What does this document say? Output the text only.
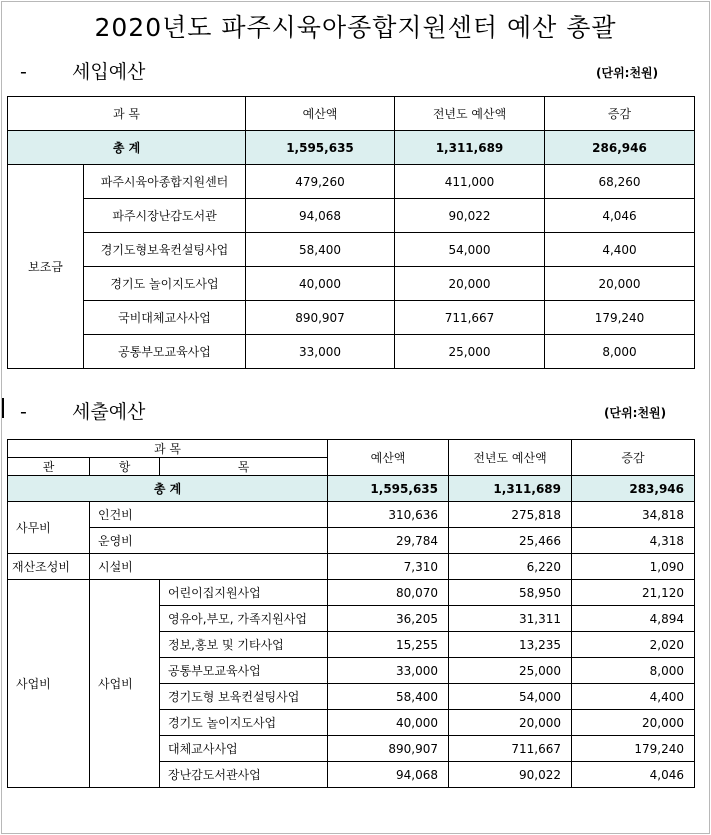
2020년도 파주시육아종합지원센터 예산 총괄
- 세입예산	(단위:천원)
과 목		예산액	전년도 예산액	증감
총 계		1,595,635	1,311,689	286,946
보조금	파주시육아종합지원센터	479,260	411,000	68,260
	파주시장난감도서관	94,068	90,022	4,046
	경기도형보육컨설팅사업	58,400	54,000	4,400
	경기도 놀이지도사업	40,000	20,000	20,000
	국비대체교사사업	890,907	711,667	179,240
	공통부모교육사업	33,000	25,000	8,000
- 세출예산	(단위:천원)
과 목			예산액	전년도 예산액	증감
관	항	목			
총 계			1,595,635	1,311,689	283,946
사무비	인건비		310,636	275,818	34,818
	운영비		29,784	25,466	4,318
재산조성비	시설비		7,310	6,220	1,090
사업비	사업비	어린이집지원사업	80,070	58,950	21,120
		영유아,부모, 가족지원사업	36,205	31,311	4,894
		정보,홍보 및 기타사업	15,255	13,235	2,020
		공통부모교육사업	33,000	25,000	8,000
		경기도형 보육컨설팅사업	58,400	54,000	4,400
		경기도 놀이지도사업	40,000	20,000	20,000
		대체교사사업	890,907	711,667	179,240
		장난감도서관사업	94,068	90,022	4,046
